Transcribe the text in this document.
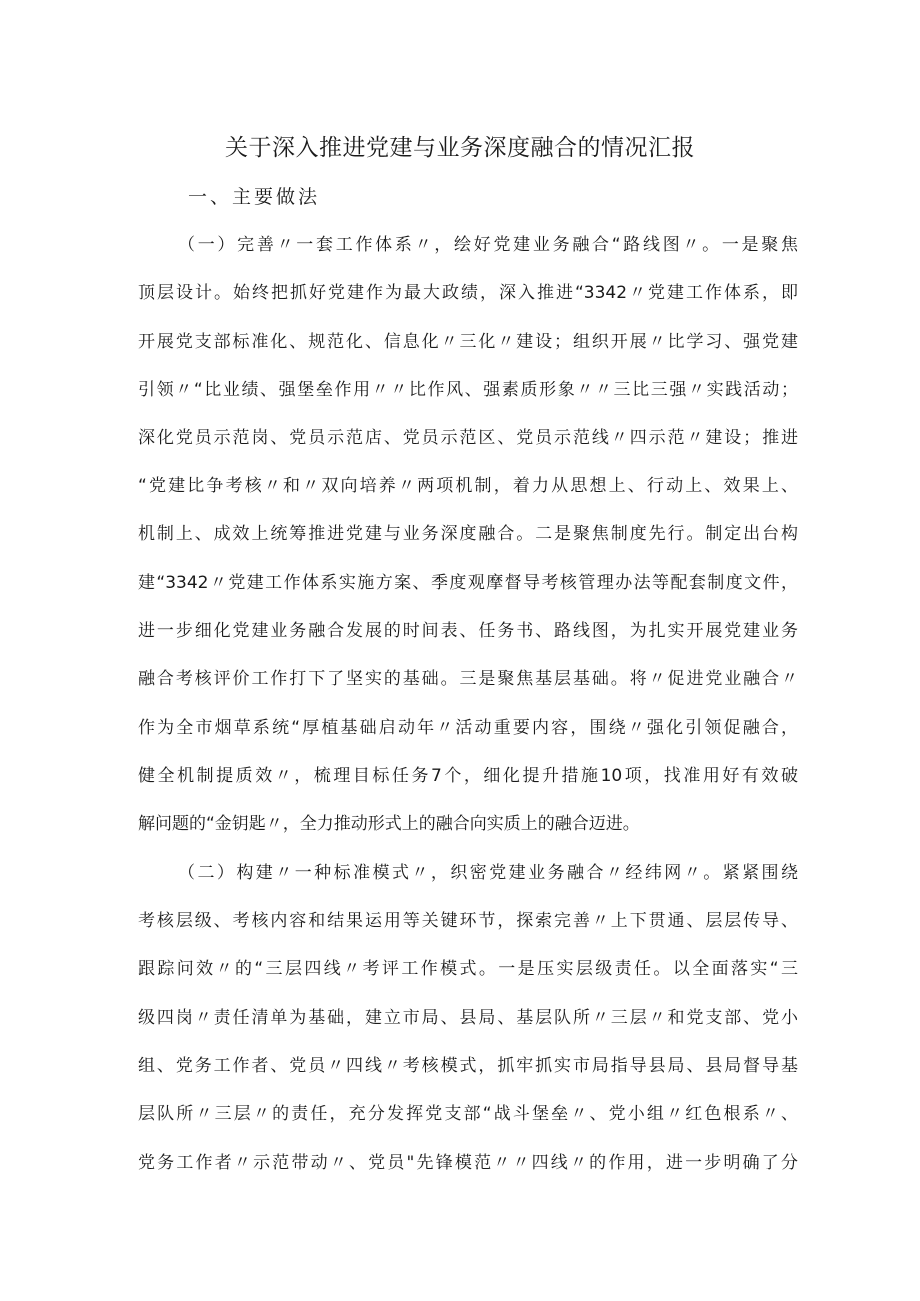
关于深入推进党建与业务深度融合的情况汇报
一、主要做法
（一）完善〃一套工作体系〃，绘好党建业务融合“路线图〃。一是聚焦
顶层设计。始终把抓好党建作为最大政绩，深入推进“3342〃党建工作体系，即
开展党支部标准化、规范化、信息化〃三化〃建设；组织开展〃比学习、强党建
引领〃“比业绩、强堡垒作用〃〃比作风、强素质形象〃〃三比三强〃实践活动；
深化党员示范岗、党员示范店、党员示范区、党员示范线〃四示范〃建设；推进
“党建比争考核〃和〃双向培养〃两项机制，着力从思想上、行动上、效果上、
机制上、成效上统筹推进党建与业务深度融合。二是聚焦制度先行。制定出台构
建“3342〃党建工作体系实施方案、季度观摩督导考核管理办法等配套制度文件，
进一步细化党建业务融合发展的时间表、任务书、路线图，为扎实开展党建业务
融合考核评价工作打下了坚实的基础。三是聚焦基层基础。将〃促进党业融合〃
作为全市烟草系统“厚植基础启动年〃活动重要内容，围绕〃强化引领促融合，
健全机制提质效〃，梳理目标任务7个，细化提升措施10项，找准用好有效破
解问题的“金钥匙〃，全力推动形式上的融合向实质上的融合迈进。
（二）构建〃一种标准模式〃，织密党建业务融合〃经纬网〃。紧紧围绕
考核层级、考核内容和结果运用等关键环节，探索完善〃上下贯通、层层传导、
跟踪问效〃的“三层四线〃考评工作模式。一是压实层级责任。以全面落实“三
级四岗〃责任清单为基础，建立市局、县局、基层队所〃三层〃和党支部、党小
组、党务工作者、党员〃四线〃考核模式，抓牢抓实市局指导县局、县局督导基
层队所〃三层〃的责任，充分发挥党支部“战斗堡垒〃、党小组〃红色根系〃、
党务工作者〃示范带动〃、党员"先锋模范〃〃四线〃的作用，进一步明确了分
